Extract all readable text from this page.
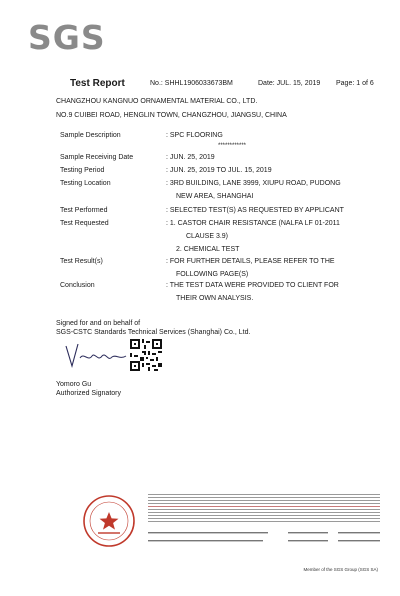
SGS
Test Report	No.: SHHL1906033673BM	Date: JUL. 15, 2019 Page: 1 of 6
CHANGZHOU KANGNUO ORNAMENTAL MATERIAL CO., LTD.
NO.9 CUIBEI ROAD, HENGLIN TOWN, CHANGZHOU, JIANGSU, CHINA
Sample Description	: SPC FLOORING
************
Sample Receiving Date	: JUN. 25, 2019
Testing Period	: JUN. 25, 2019 TO JUL. 15, 2019
Testing Location	: 3RD BUILDING, LANE 3999, XIUPU ROAD, PUDONG
NEW AREA, SHANGHAI
Test Performed	: SELECTED TEST(S) AS REQUESTED BY APPLICANT
Test Requested	: 1. CASTOR CHAIR RESISTANCE (NALFA LF 01-2011
CLAUSE 3.9)
2. CHEMICAL TEST
Test Result(s)	: FOR FURTHER DETAILS, PLEASE REFER TO THE
FOLLOWING PAGE(S)
Conclusion	: THE TEST DATA WERE PROVIDED TO CLIENT FOR
THEIR OWN ANALYSIS.
Signed for and on behalf of
SGS-CSTC Standards Technical Services (Shanghai) Co., Ltd.
Yomoro Gu
Authorized Signatory
Member of the SGS Group (SGS SA)
